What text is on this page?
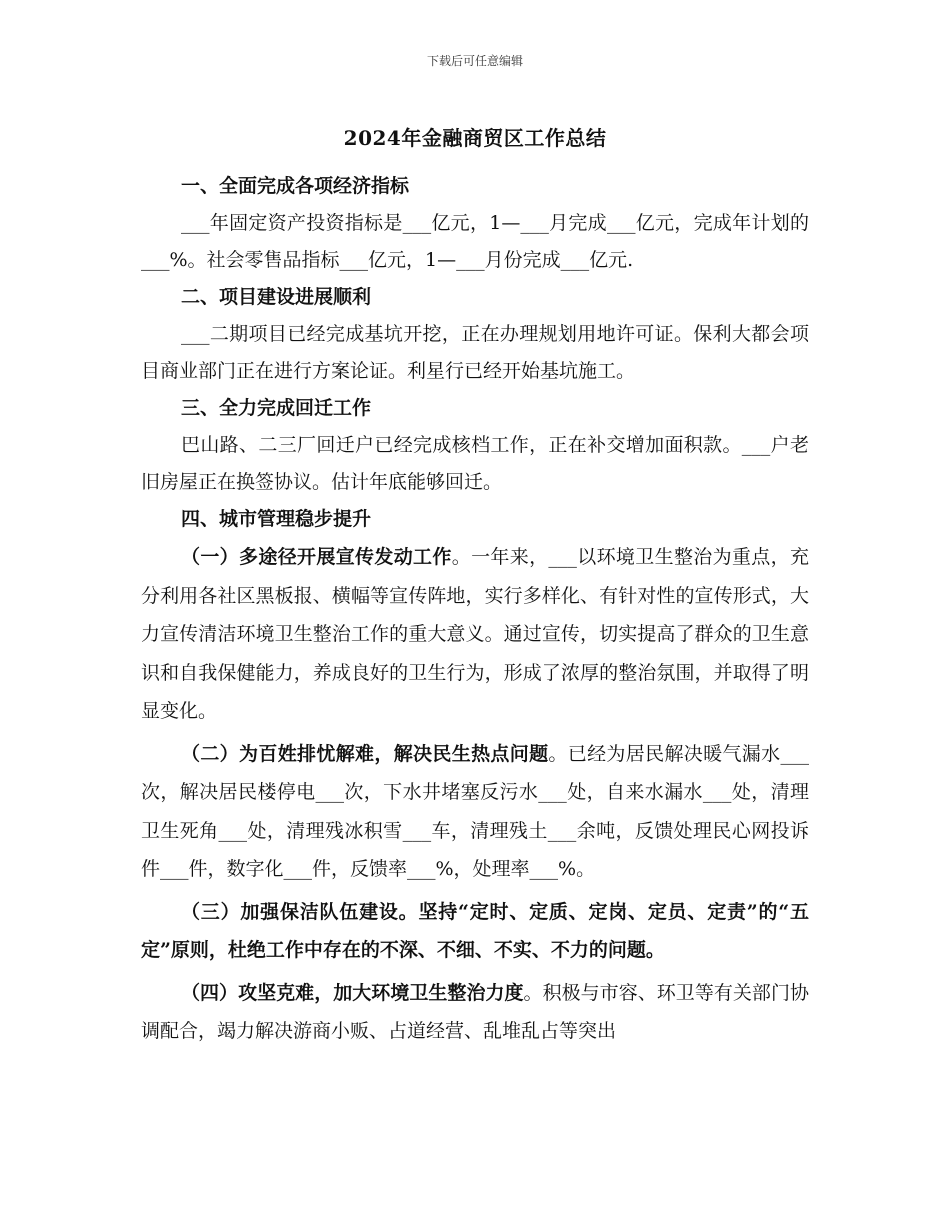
下载后可任意编辑
2024年金融商贸区工作总结
一、全面完成各项经济指标

___年固定资产投资指标是___亿元，1—___月完成___亿元，完成年计划的___%。社会零售品指标___亿元，1—___月份完成___亿元.

二、项目建设进展顺利

___二期项目已经完成基坑开挖，正在办理规划用地许可证。保利大都会项目商业部门正在进行方案论证。利星行已经开始基坑施工。

三、全力完成回迁工作

巴山路、二三厂回迁户已经完成核档工作，正在补交增加面积款。___户老旧房屋正在换签协议。估计年底能够回迁。

四、城市管理稳步提升

（一）多途径开展宣传发动工作。一年来，___以环境卫生整治为重点，充分利用各社区黑板报、横幅等宣传阵地，实行多样化、有针对性的宣传形式，大力宣传清洁环境卫生整治工作的重大意义。通过宣传，切实提高了群众的卫生意识和自我保健能力，养成良好的卫生行为，形成了浓厚的整治氛围，并取得了明显变化。

（二）为百姓排忧解难，解决民生热点问题。已经为居民解决暖气漏水___次，解决居民楼停电___次，下水井堵塞反污水___处，自来水漏水___处，清理卫生死角___处，清理残冰积雪___车，清理残土___余吨，反馈处理民心网投诉件___件，数字化___件，反馈率___%，处理率___%。

（三）加强保洁队伍建设。坚持“定时、定质、定岗、定员、定责”的“五定”原则，杜绝工作中存在的不深、不细、不实、不力的问题。

（四）攻坚克难，加大环境卫生整治力度。积极与市容、环卫等有关部门协调配合，竭力解决游商小贩、占道经营、乱堆乱占等突出
